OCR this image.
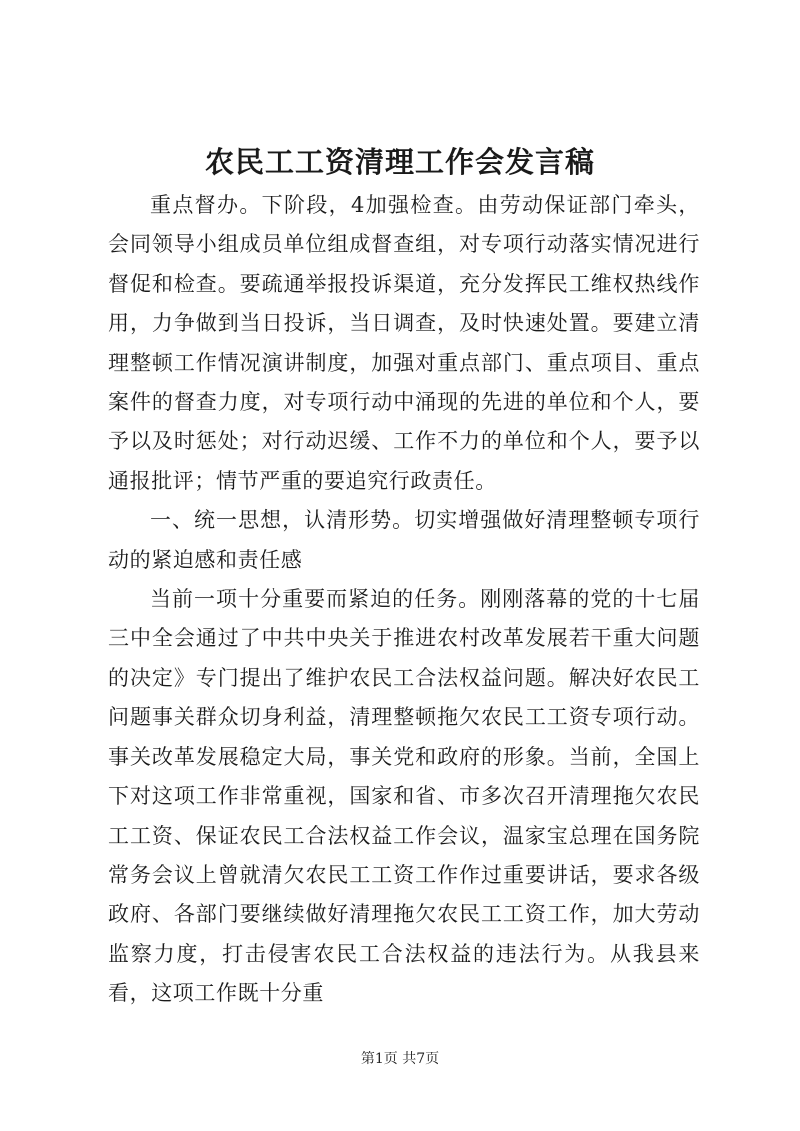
农民工工资清理工作会发言稿

重点督办。下阶段，4加强检查。由劳动保证部门牵头，会同领导小组成员单位组成督查组，对专项行动落实情况进行督促和检查。要疏通举报投诉渠道，充分发挥民工维权热线作用，力争做到当日投诉，当日调查，及时快速处置。要建立清理整顿工作情况演讲制度，加强对重点部门、重点项目、重点案件的督查力度，对专项行动中涌现的先进的单位和个人，要予以及时惩处；对行动迟缓、工作不力的单位和个人，要予以通报批评；情节严重的要追究行政责任。

一、统一思想，认清形势。切实增强做好清理整顿专项行动的紧迫感和责任感

当前一项十分重要而紧迫的任务。刚刚落幕的党的十七届三中全会通过了中共中央关于推进农村改革发展若干重大问题的决定》专门提出了维护农民工合法权益问题。解决好农民工问题事关群众切身利益，清理整顿拖欠农民工工资专项行动。事关改革发展稳定大局，事关党和政府的形象。当前，全国上下对这项工作非常重视，国家和省、市多次召开清理拖欠农民工工资、保证农民工合法权益工作会议，温家宝总理在国务院常务会议上曾就清欠农民工工资工作作过重要讲话，要求各级政府、各部门要继续做好清理拖欠农民工工资工作，加大劳动监察力度，打击侵害农民工合法权益的违法行为。从我县来看，这项工作既十分重

第1页 共7页
